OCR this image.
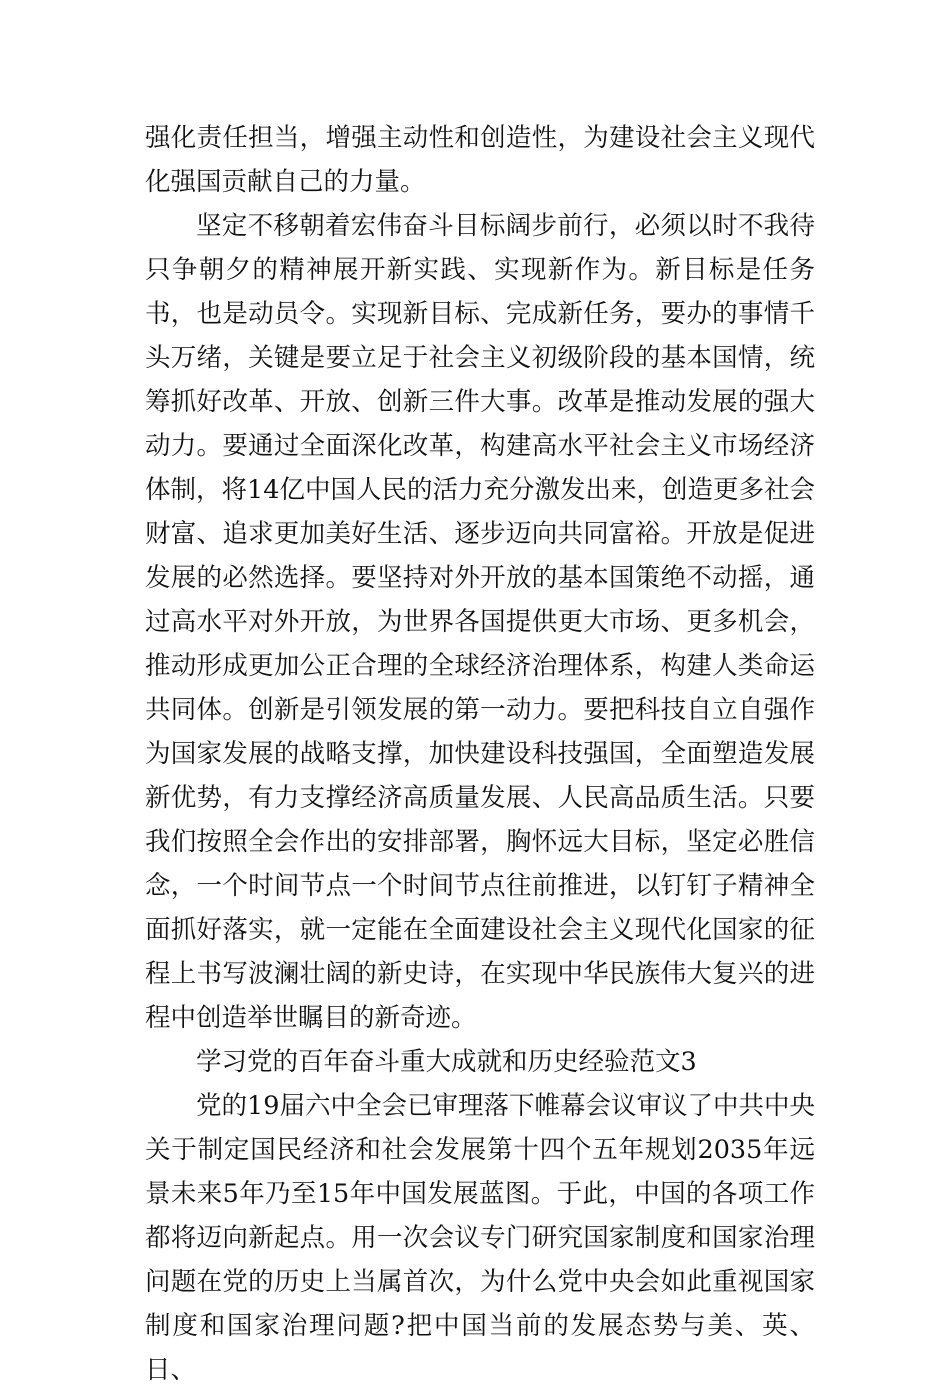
强化责任担当，增强主动性和创造性，为建设社会主义现代化强国贡献自己的力量。

坚定不移朝着宏伟奋斗目标阔步前行，必须以时不我待只争朝夕的精神展开新实践、实现新作为。新目标是任务书，也是动员令。实现新目标、完成新任务，要办的事情千头万绪，关键是要立足于社会主义初级阶段的基本国情，统筹抓好改革、开放、创新三件大事。改革是推动发展的强大动力。要通过全面深化改革，构建高水平社会主义市场经济体制，将14亿中国人民的活力充分激发出来，创造更多社会财富、追求更加美好生活、逐步迈向共同富裕。开放是促进发展的必然选择。要坚持对外开放的基本国策绝不动摇，通过高水平对外开放，为世界各国提供更大市场、更多机会，推动形成更加公正合理的全球经济治理体系，构建人类命运共同体。创新是引领发展的第一动力。要把科技自立自强作为国家发展的战略支撑，加快建设科技强国，全面塑造发展新优势，有力支撑经济高质量发展、人民高品质生活。只要我们按照全会作出的安排部署，胸怀远大目标，坚定必胜信念，一个时间节点一个时间节点往前推进，以钉钉子精神全面抓好落实，就一定能在全面建设社会主义现代化国家的征程上书写波澜壮阔的新史诗，在实现中华民族伟大复兴的进程中创造举世瞩目的新奇迹。

学习党的百年奋斗重大成就和历史经验范文3

党的19届六中全会已审理落下帷幕会议审议了中共中央关于制定国民经济和社会发展第十四个五年规划2035年远景未来5年乃至15年中国发展蓝图。于此，中国的各项工作都将迈向新起点。用一次会议专门研究国家制度和国家治理问题在党的历史上当属首次，为什么党中央会如此重视国家制度和国家治理问题?把中国当前的发展态势与美、英、日、
